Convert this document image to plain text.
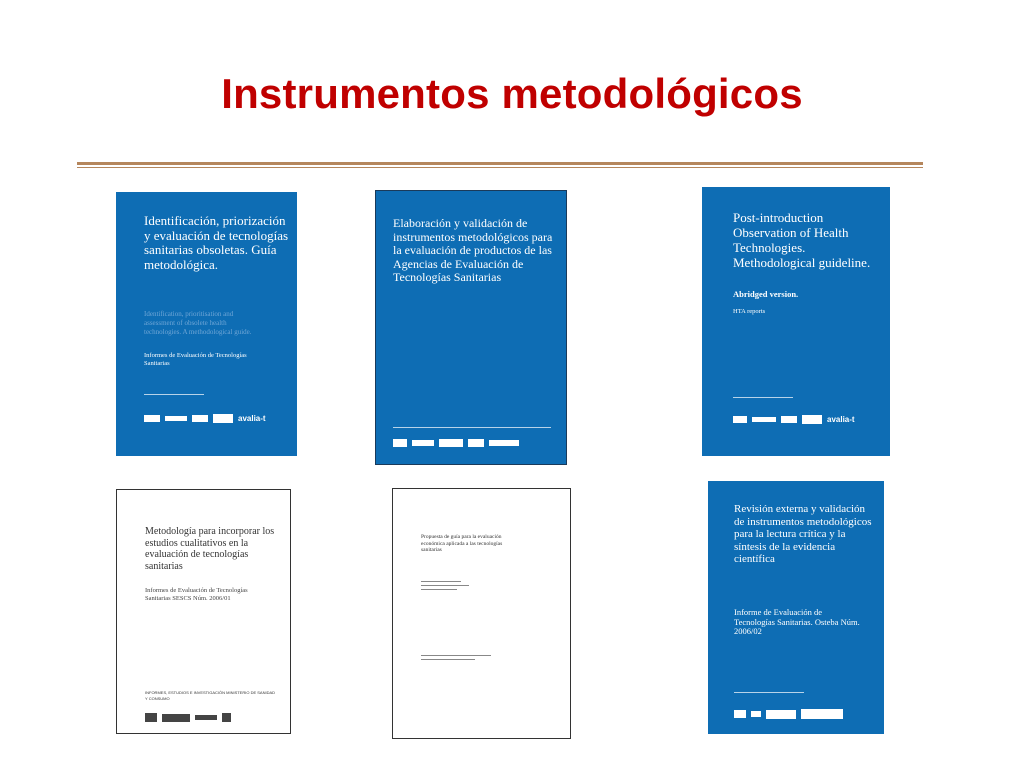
Instrumentos metodológicos
Identificación, priorización y evaluación de tecnologías sanitarias obsoletas. Guía metodológica.
Identification, prioritisation and assessment of obsolete health technologies. A methodological guide.
Informes de Evaluación de Tecnologías Sanitarias
avalia-t
Elaboración y validación de instrumentos metodológicos para la evaluación de productos de las Agencias de Evaluación de Tecnologías Sanitarias
Post-introduction Observation of Health Technologies. Methodological guideline.
Abridged version.
HTA reports
avalia-t
Metodología para incorporar los estudios cualitativos en la evaluación de tecnologías sanitarias
Informes de Evaluación de Tecnologías Sanitarias SESCS Núm. 2006/01
INFORMES, ESTUDIOS E INVESTIGACIÓN MINISTERIO DE SANIDAD Y CONSUMO
Propuesta de guía para la evaluación económica aplicada a las tecnologías sanitarias
Revisión externa y validación de instrumentos metodológicos para la lectura crítica y la síntesis de la evidencia científica
Informe de Evaluación de Tecnologías Sanitarias. Osteba Núm. 2006/02
